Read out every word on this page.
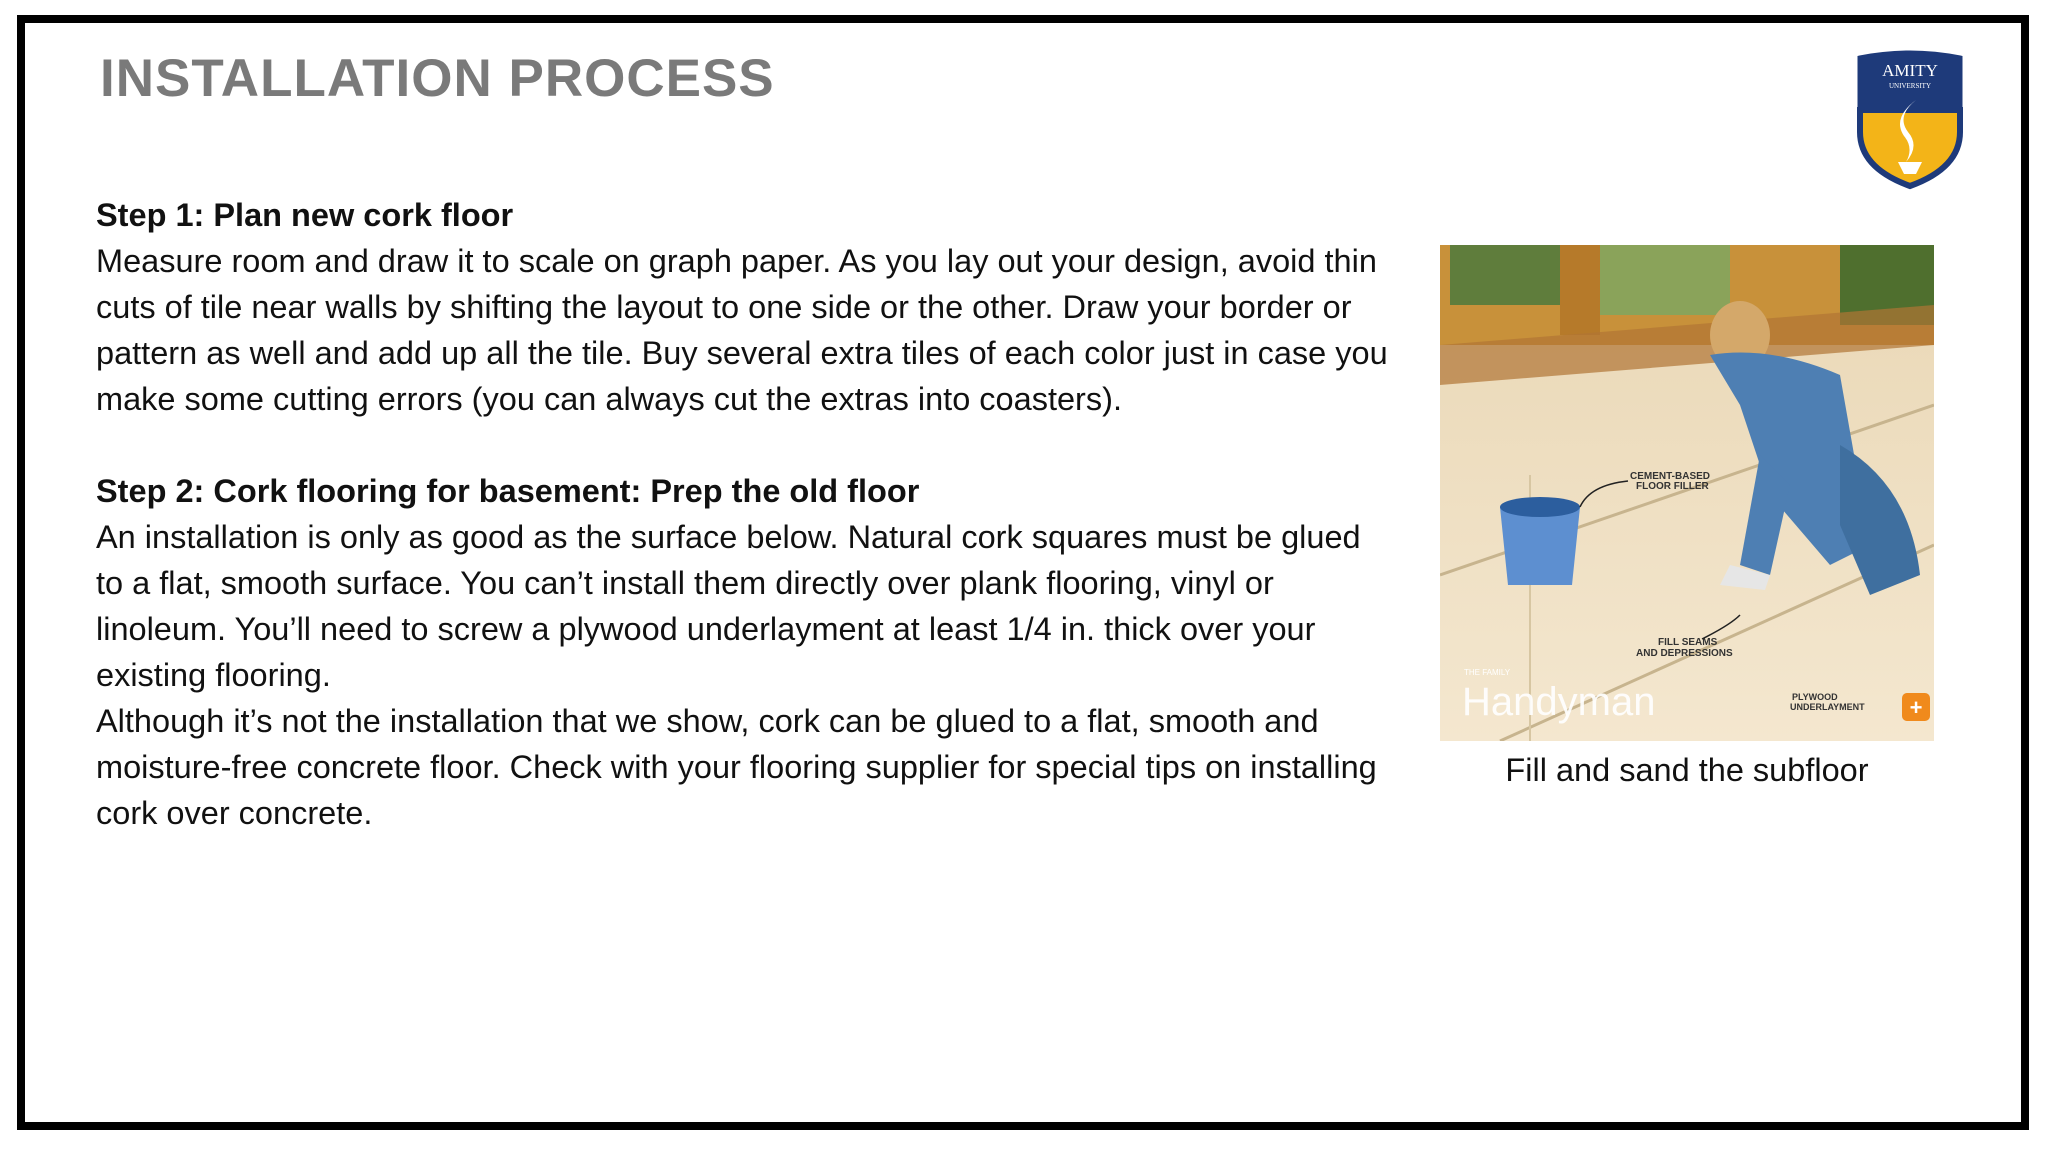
INSTALLATION PROCESS	AMITY
UNIVERSITY

Step 1: Plan new cork floor

Measure room and draw it to scale on graph paper. As you lay out your design, avoid thin cuts of tile near walls by shifting the layout to one side or the other. Draw your border or pattern as well and add up all the tile. Buy several extra tiles of each color just in case you make some cutting errors (you can always cut the extras into coasters).

Step 2: Cork flooring for basement: Prep the old floor

An installation is only as good as the surface below. Natural cork squares must be glued to a flat, smooth surface. You can’t install them directly over plank flooring, vinyl or linoleum. You’ll need to screw a plywood underlayment at least 1/4 in. thick over your existing flooring.

Although it’s not the installation that we show, cork can be glued to a flat, smooth and moisture-free concrete floor. Check with your flooring supplier for special tips on installing cork over concrete.

CEMENT-BASED
FLOOR FILLER
FILL SEAMS
AND DEPRESSIONS
THE FAMILY
Handyman	PLYWOOD
UNDERLAYMENT +
Fill and sand the subfloor
